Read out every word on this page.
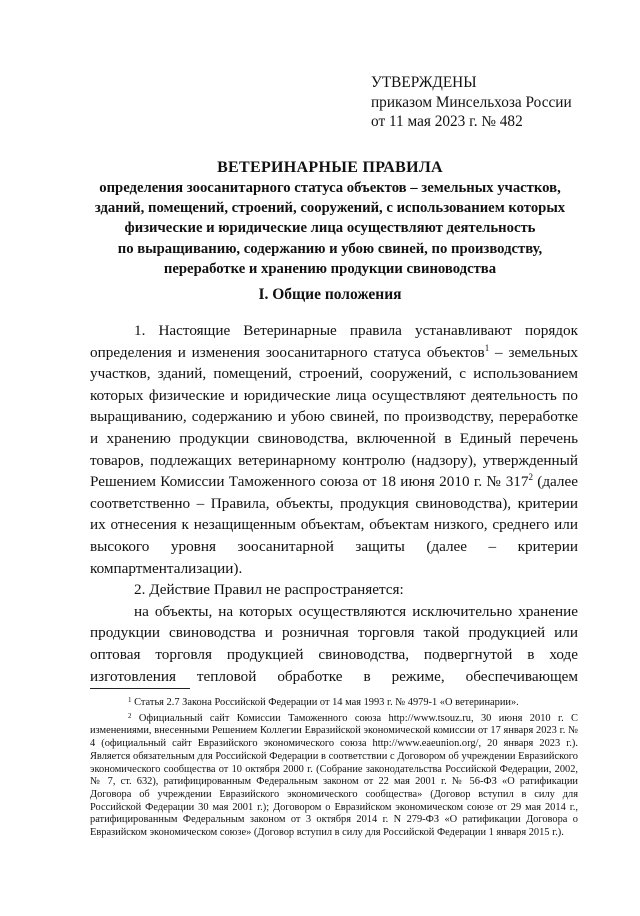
УТВЕРЖДЕНЫ
приказом Минсельхоза России
от 11 мая 2023 г. № 482
ВЕТЕРИНАРНЫЕ ПРАВИЛА
определения зоосанитарного статуса объектов – земельных участков,
зданий, помещений, строений, сооружений, с использованием которых
физические и юридические лица осуществляют деятельность
по выращиванию, содержанию и убою свиней, по производству,
переработке и хранению продукции свиноводства
I. Общие положения

1. Настоящие Ветеринарные правила устанавливают порядок определения и изменения зоосанитарного статуса объектов$^1$ – земельных участков, зданий, помещений, строений, сооружений, с использованием которых физические и юридические лица осуществляют деятельность по выращиванию, содержанию и убою свиней, по производству, переработке и хранению продукции свиноводства, включенной в Единый перечень товаров, подлежащих ветеринарному контролю (надзору), утвержденный Решением Комиссии Таможенного союза от 18 июня 2010 г. № $317^2$ (далее соответственно – Правила, объекты, продукция свиноводства), критерии их отнесения к незащищенным объектам, объектам низкого, среднего или высокого уровня зоосанитарной защиты (далее – критерии компартментализации).

2. Действие Правил не распространяется:

на объекты, на которых осуществляются исключительно хранение продукции свиноводства и розничная торговля такой продукцией или оптовая торговля продукцией свиноводства, подвергнутой в ходе изготовления тепловой обработке в режиме, обеспечивающем

$^1$ Статья 2.7 Закона Российской Федерации от 14 мая 1993 г. № 4979-1 «О ветеринарии».

$^2$ Официальный сайт Комиссии Таможенного союза http://www.tsouz.ru, 30 июня 2010 г. С изменениями, внесенными Решением Коллегии Евразийской экономической комиссии от 17 января 2023 г. № 4 (официальный сайт Евразийского экономического союза http://www.eaeunion.org/, 20 января 2023 г.). Является обязательным для Российской Федерации в соответствии с Договором об учреждении Евразийского экономического сообщества от 10 октября 2000 г. (Собрание законодательства Российской Федерации, 2002, № 7, ст. 632), ратифицированным Федеральным законом от 22 мая 2001 г. № 56-ФЗ «О ратификации Договора об учреждении Евразийского экономического сообщества» (Договор вступил в силу для Российской Федерации 30 мая 2001 г.); Договором о Евразийском экономическом союзе от 29 мая 2014 г., ратифицированным Федеральным законом от 3 октября 2014 г. N 279-ФЗ «О ратификации Договора о Евразийском экономическом союзе» (Договор вступил в силу для Российской Федерации 1 января 2015 г.).
